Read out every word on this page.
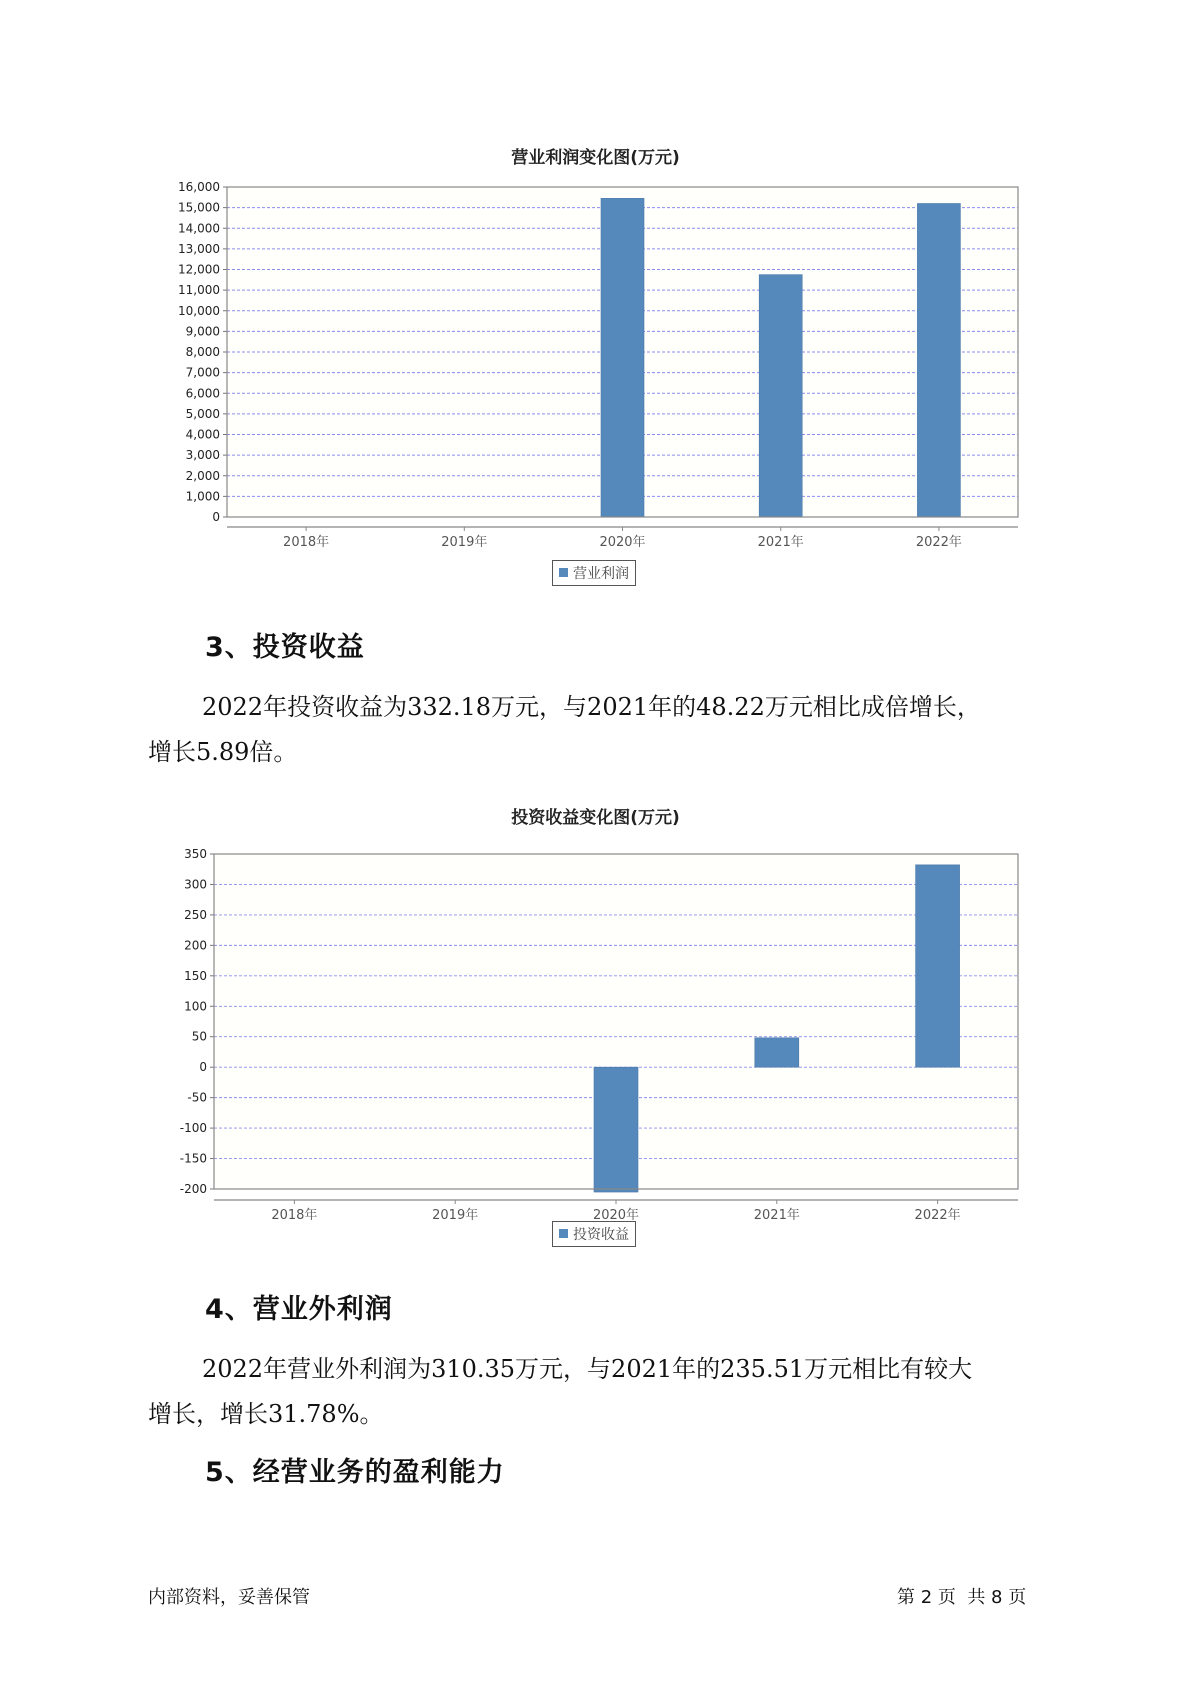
营业利润变化图(万元)
16,000
15,000
14,000
13,000
12,000
11,000
10,000
9,000
8,000
7,000
6,000
5,000
4,000
3,000
2,000
1,000
0
2018年	2019年	2020年	2021年	2022年
营业利润
3、投资收益
2022年投资收益为332.18万元，与2021年的48.22万元相比成倍增长，
增长5.89倍。
投资收益变化图(万元)
350
300
250
200
150
100
50
0
-50
-100
-150
-200
2018年	2019年	2020年	2021年	2022年
投资收益
4、营业外利润
2022年营业外利润为310.35万元，与2021年的235.51万元相比有较大
增长，增长31.78%。
5、经营业务的盈利能力
内部资料，妥善保管	第 2 页  共 8 页
